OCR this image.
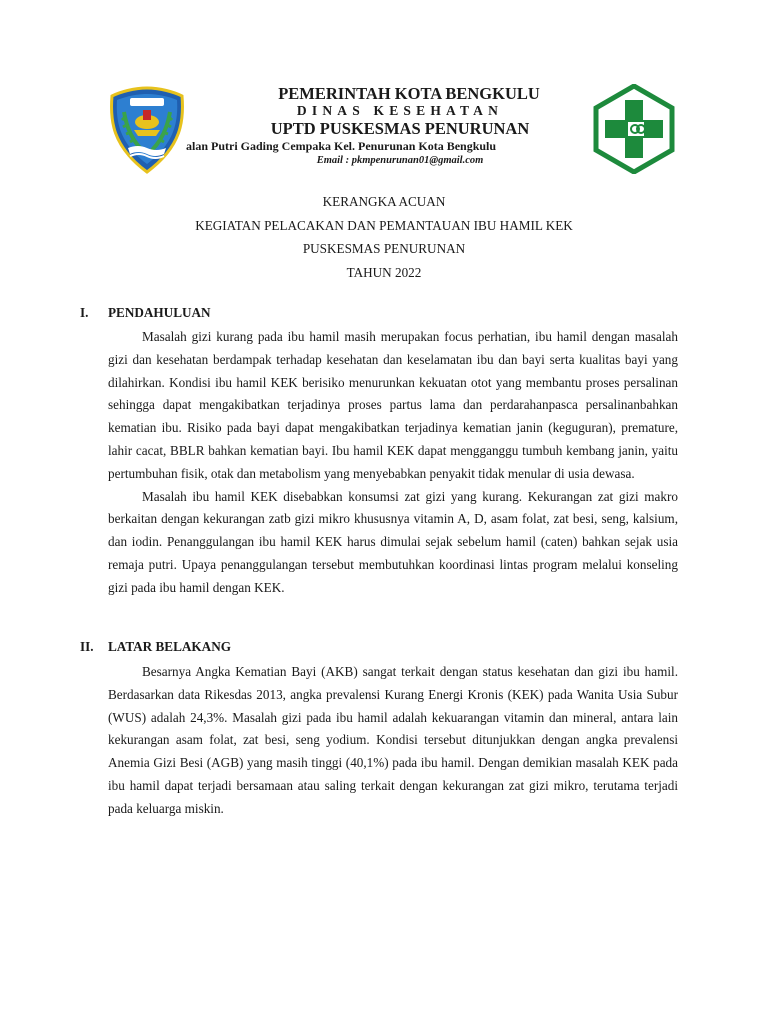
PEMERINTAH KOTA BENGKULU
DINAS KESEHATAN
UPTD PUSKESMAS PENURUNAN
alan Putri Gading Cempaka Kel. Penurunan Kota Bengkulu
Email : pkmpenurunan01@gmail.com
KERANGKA ACUAN
KEGIATAN PELACAKAN DAN PEMANTAUAN IBU HAMIL KEK
PUSKESMAS PENURUNAN
TAHUN 2022
I.	PENDAHULUAN
Masalah gizi kurang pada ibu hamil masih merupakan focus perhatian, ibu hamil dengan masalah gizi dan kesehatan berdampak terhadap kesehatan dan keselamatan ibu dan bayi serta kualitas bayi yang dilahirkan. Kondisi ibu hamil KEK berisiko menurunkan kekuatan otot yang membantu proses persalinan sehingga dapat mengakibatkan terjadinya proses partus lama dan perdarahanpasca persalinanbahkan kematian ibu. Risiko pada bayi dapat mengakibatkan terjadinya kematian janin (keguguran), premature, lahir cacat, BBLR bahkan kematian bayi. Ibu hamil KEK dapat mengganggu tumbuh kembang janin, yaitu pertumbuhan fisik, otak dan metabolism yang menyebabkan penyakit tidak menular di usia dewasa.
Masalah ibu hamil KEK disebabkan konsumsi zat gizi yang kurang. Kekurangan zat gizi makro berkaitan dengan kekurangan zatb gizi mikro khususnya vitamin A, D, asam folat, zat besi, seng, kalsium, dan iodin. Penanggulangan ibu hamil KEK harus dimulai sejak sebelum hamil (caten) bahkan sejak usia remaja putri. Upaya penanggulangan tersebut membutuhkan koordinasi lintas program melalui konseling gizi pada ibu hamil dengan KEK.
II.	LATAR BELAKANG
Besarnya Angka Kematian Bayi (AKB) sangat terkait dengan status kesehatan dan gizi ibu hamil. Berdasarkan data Rikesdas 2013, angka prevalensi Kurang Energi Kronis (KEK) pada Wanita Usia Subur (WUS) adalah 24,3%. Masalah gizi pada ibu hamil adalah kekuarangan vitamin dan mineral, antara lain kekurangan asam folat, zat besi, seng yodium. Kondisi tersebut ditunjukkan dengan angka prevalensi Anemia Gizi Besi (AGB) yang masih tinggi (40,1%) pada ibu hamil. Dengan demikian masalah KEK pada ibu hamil dapat terjadi bersamaan atau saling terkait dengan kekurangan zat gizi mikro, terutama terjadi pada keluarga miskin.
